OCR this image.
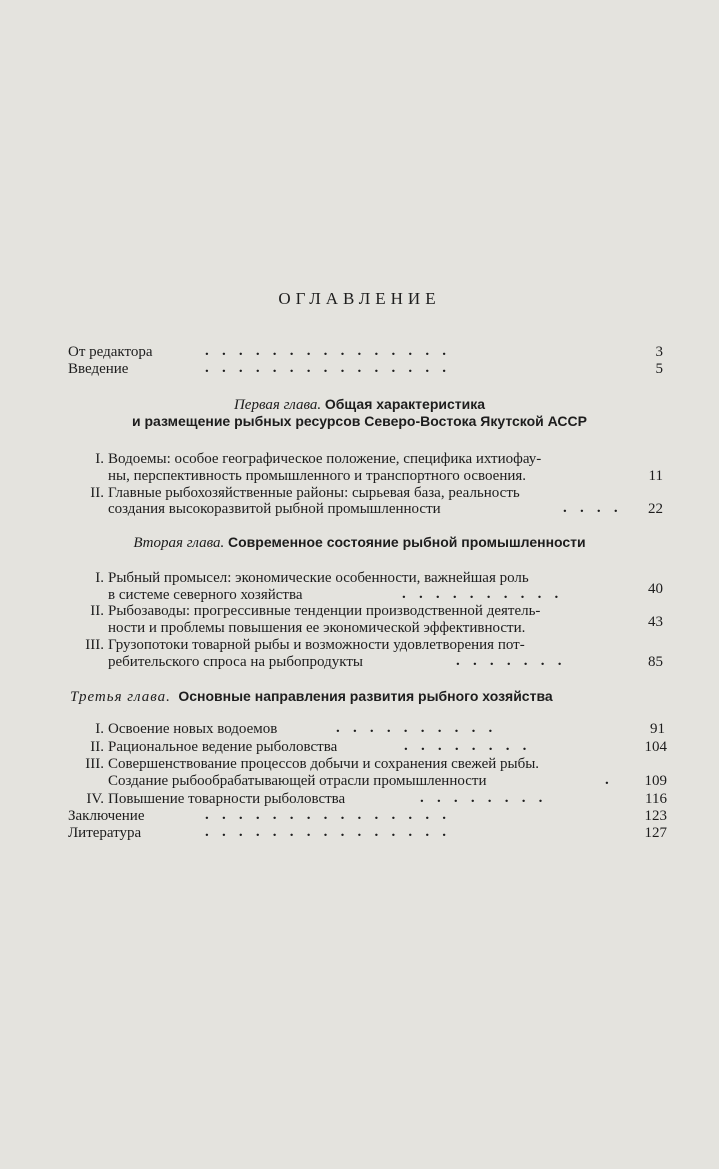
ОГЛАВЛЕНИЕ
От редактора	...............	3
Введение	...............	5
Первая глава. Общая характеристика
и размещение рыбных ресурсов Северо-Востока Якутской АССР
I. Водоемы: особое географическое положение, специфика ихтиофау-
ны, перспективность промышленного и транспортного освоения.	11
II. Главные рыбохозяйственные районы: сырьевая база, реальность
создания высокоразвитой рыбной промышленности	.... 22
Вторая глава. Современное состояние рыбной промышленности
I. Рыбный промысел: экономические особенности, важнейшая роль
в системе северного хозяйства	..........	40
II. Рыбозаводы: прогрессивные тенденции производственной деятель-
ности и проблемы повышения ее экономической эффективности.	43
III. Грузопотоки товарной рыбы и возможности удовлетворения пот-
ребительского спроса на рыбопродукты	.......	85
Третья глава. Основные направления развития рыбного хозяйства
I. Освоение новых водоемов	..........	91
II. Рациональное ведение рыболовства	........	104
III. Совершенствование процессов добычи и сохранения свежей рыбы.
Создание рыбообрабатывающей отрасли промышленности	. 109
IV. Повышение товарности рыболовства	........	116
Заключение	...............	123
Литература	...............	127
